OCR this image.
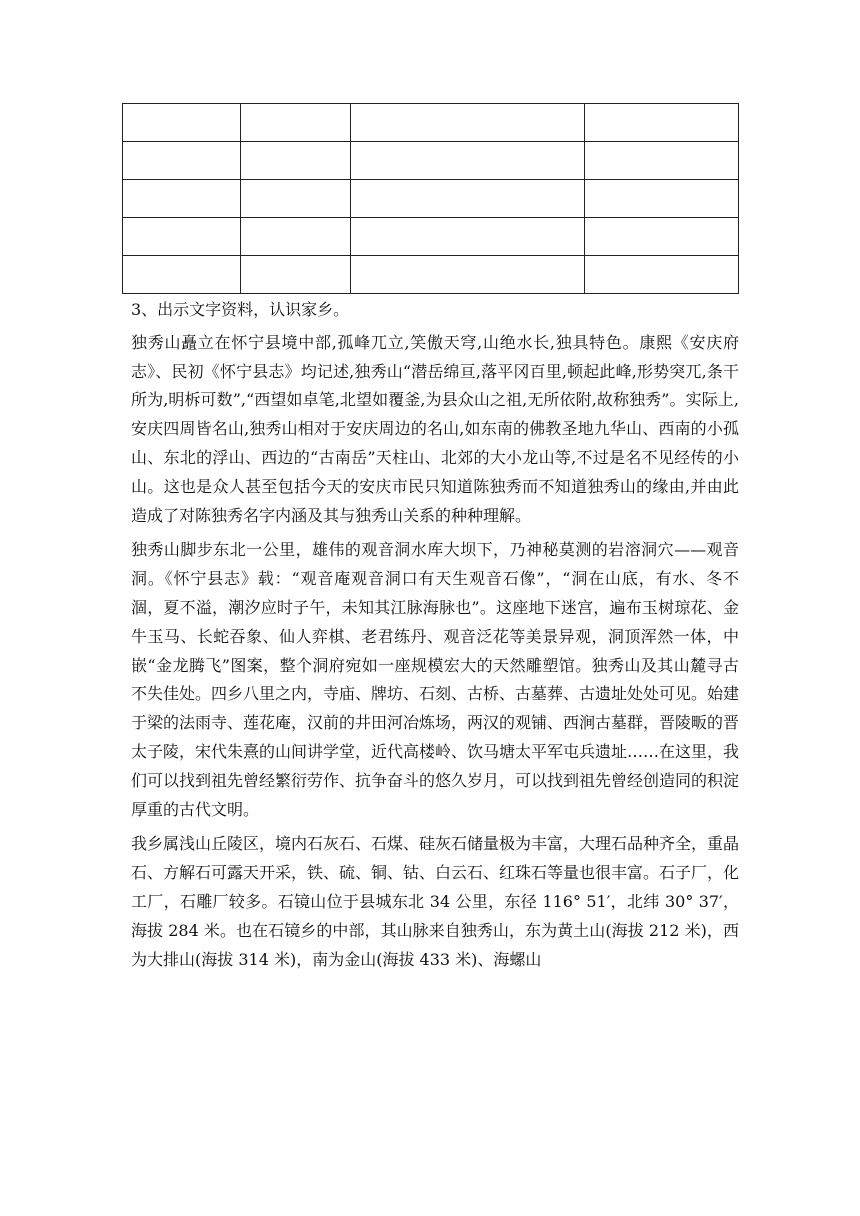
3、出示文字资料，认识家乡。

独秀山矗立在怀宁县境中部,孤峰兀立,笑傲天穹,山绝水长,独具特色。康熙《安庆府志》、民初《怀宁县志》均记述,独秀山“潜岳绵亘,落平冈百里,顿起此峰,形势突兀,条干所为,明柝可数”,“西望如卓笔,北望如覆釜,为县众山之祖,无所依附,故称独秀”。实际上,安庆四周皆名山,独秀山相对于安庆周边的名山,如东南的佛教圣地九华山、西南的小孤山、东北的浮山、西边的“古南岳”天柱山、北郊的大小龙山等,不过是名不见经传的小山。这也是众人甚至包括今天的安庆市民只知道陈独秀而不知道独秀山的缘由,并由此造成了对陈独秀名字内涵及其与独秀山关系的种种理解。

独秀山脚步东北一公里，雄伟的观音洞水库大坝下，乃神秘莫测的岩溶洞穴——观音洞。《怀宁县志》载：“观音庵观音洞口有天生观音石像”，“洞在山底，有水、冬不涸，夏不溢，潮汐应时子午，未知其江脉海脉也”。这座地下迷宫，遍布玉树琼花、金牛玉马、长蛇吞象、仙人弈棋、老君练丹、观音泛花等美景异观，洞顶浑然一体，中嵌“金龙腾飞”图案，整个洞府宛如一座规模宏大的天然雕塑馆。独秀山及其山麓寻古不失佳处。四乡八里之内，寺庙、牌坊、石刻、古桥、古墓葬、古遗址处处可见。始建于梁的法雨寺、莲花庵，汉前的井田河冶炼场，两汉的观铺、西涧古墓群，晋陵畈的晋太子陵，宋代朱熹的山间讲学堂，近代高楼岭、饮马塘太平军屯兵遗址……在这里，我们可以找到祖先曾经繁衍劳作、抗争奋斗的悠久岁月，可以找到祖先曾经创造同的积淀厚重的古代文明。

我乡属浅山丘陵区，境内石灰石、石煤、硅灰石储量极为丰富，大理石品种齐全，重晶石、方解石可露天开采，铁、硫、铜、钴、白云石、红珠石等量也很丰富。石子厂，化工厂，石雕厂较多。石镜山位于县城东北 34 公里，东径 116° 51′，北纬 30° 37′，海拔 284 米。也在石镜乡的中部，其山脉来自独秀山，东为黄土山(海拔 212 米)，西为大排山(海拔 314 米)，南为金山(海拔 433 米)、海螺山
